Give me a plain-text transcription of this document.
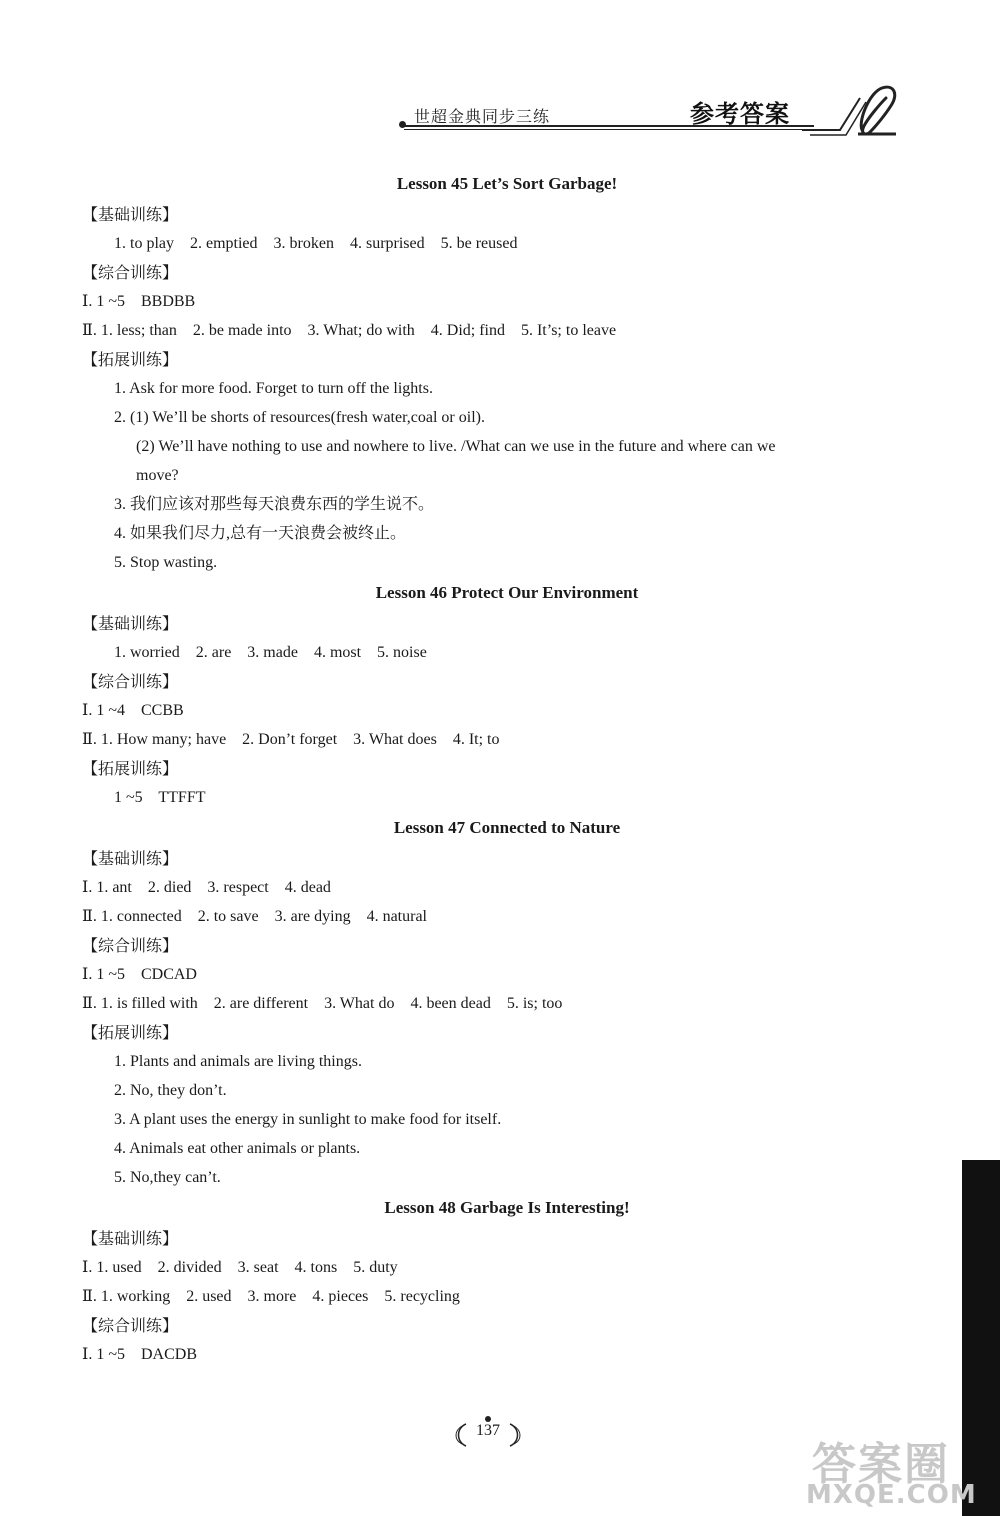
世超金典同步三练	参考答案
Lesson 45 Let’s Sort Garbage!
【基础训练】
1. to play    2. emptied    3. broken    4. surprised    5. be reused
【综合训练】
Ⅰ. 1 ~5    BBDBB
Ⅱ. 1. less; than    2. be made into    3. What; do with    4. Did; find    5. It’s; to leave
【拓展训练】
1. Ask for more food. Forget to turn off the lights.
2. (1) We’ll be shorts of resources(fresh water,coal or oil).
(2) We’ll have nothing to use and nowhere to live. /What can we use in the future and where can we
move?
3. 我们应该对那些每天浪费东西的学生说不。
4. 如果我们尽力,总有一天浪费会被终止。
5. Stop wasting.
Lesson 46 Protect Our Environment
【基础训练】
1. worried    2. are    3. made    4. most    5. noise
【综合训练】
Ⅰ. 1 ~4    CCBB
Ⅱ. 1. How many; have    2. Don’t forget    3. What does    4. It; to
【拓展训练】
1 ~5    TTFFT
Lesson 47 Connected to Nature
【基础训练】
Ⅰ. 1. ant    2. died    3. respect    4. dead
Ⅱ. 1. connected    2. to save    3. are dying    4. natural
【综合训练】
Ⅰ. 1 ~5    CDCAD
Ⅱ. 1. is filled with    2. are different    3. What do    4. been dead    5. is; too
【拓展训练】
1. Plants and animals are living things.
2. No, they don’t.
3. A plant uses the energy in sunlight to make food for itself.
4. Animals eat other animals or plants.
5. No,they can’t.
Lesson 48 Garbage Is Interesting!
【基础训练】
Ⅰ. 1. used    2. divided    3. seat    4. tons    5. duty
Ⅱ. 1. working    2. used    3. more    4. pieces    5. recycling
【综合训练】
Ⅰ. 1 ~5    DACDB
137
答案圈
MXQE.COM
